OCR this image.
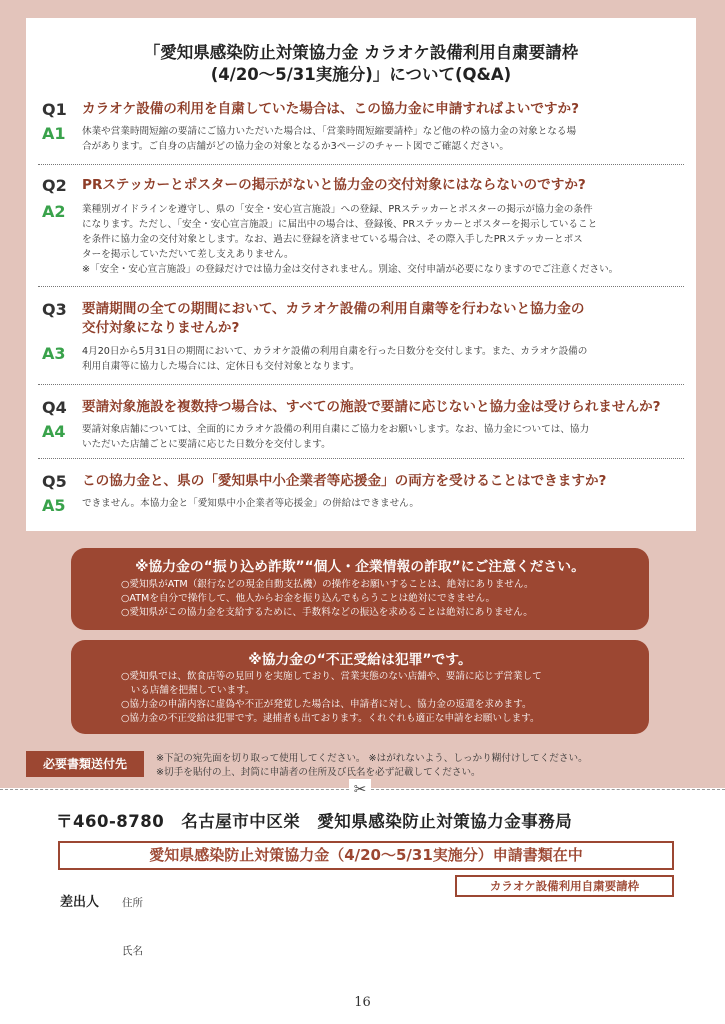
「愛知県感染防止対策協力金 カラオケ設備利用自粛要請枠
(4/20～5/31実施分)」について(Q&A)
Q1 カラオケ設備の利用を自粛していた場合は、この協力金に申請すればよいですか?
A1 休業や営業時間短縮の要請にご協力いただいた場合は、「営業時間短縮要請枠」など他の枠の協力金の対象となる場
合があります。ご自身の店舗がどの協力金の対象となるか3ページのチャート図でご確認ください。
Q2 PRステッカーとポスターの掲示がないと協力金の交付対象にはならないのですか?
A2 業種別ガイドラインを遵守し、県の「安全・安心宣言施設」への登録、PRステッカーとポスターの掲示が協力金の条件
になります。ただし、「安全・安心宣言施設」に届出中の場合は、登録後、PRステッカーとポスターを掲示していること
を条件に協力金の交付対象とします。なお、過去に登録を済ませている場合は、その際入手したPRステッカーとポス
ターを掲示していただいて差し支えありません。
※「安全・安心宣言施設」の登録だけでは協力金は交付されません。別途、交付申請が必要になりますのでご注意ください。
Q3 要請期間の全ての期間において、カラオケ設備の利用自粛等を行わないと協力金の
交付対象になりませんか?
A3 4月20日から5月31日の期間において、カラオケ設備の利用自粛を行った日数分を交付します。また、カラオケ設備の
利用自粛等に協力した場合には、定休日も交付対象となります。
Q4 要請対象施設を複数持つ場合は、すべての施設で要請に応じないと協力金は受けられませんか?
A4 要請対象店舗については、全面的にカラオケ設備の利用自粛にご協力をお願いします。なお、協力金については、協力
いただいた店舗ごとに要請に応じた日数分を交付します。
Q5 この協力金と、県の「愛知県中小企業者等応援金」の両方を受けることはできますか?
A5 できません。本協力金と「愛知県中小企業者等応援金」の併給はできません。
※協力金の“振り込め詐欺”“個人・企業情報の詐取”にご注意ください。
○愛知県がATM（銀行などの現金自動支払機）の操作をお願いすることは、絶対にありません。
○ATMを自分で操作して、他人からお金を振り込んでもらうことは絶対にできません。
○愛知県がこの協力金を支給するために、手数料などの振込を求めることは絶対にありません。
※協力金の“不正受給は犯罪”です。
○愛知県では、飲食店等の見回りを実施しており、営業実態のない店舗や、要請に応じず営業して
　いる店舗を把握しています。
○協力金の申請内容に虚偽や不正が発覚した場合は、申請者に対し、協力金の返還を求めます。
○協力金の不正受給は犯罪です。逮捕者も出ております。くれぐれも適正な申請をお願いします。
必要書類送付先	※下記の宛先面を切り取って使用してください。 ※はがれないよう、しっかり糊付けしてください。
※切手を貼付の上、封筒に申請者の住所及び氏名を必ず記載してください。
✂
〒460-8780　名古屋市中区栄　愛知県感染防止対策協力金事務局
愛知県感染防止対策協力金（4/20～5/31実施分）申請書類在中
カラオケ設備利用自粛要請枠
差出人 住所
氏名
16
